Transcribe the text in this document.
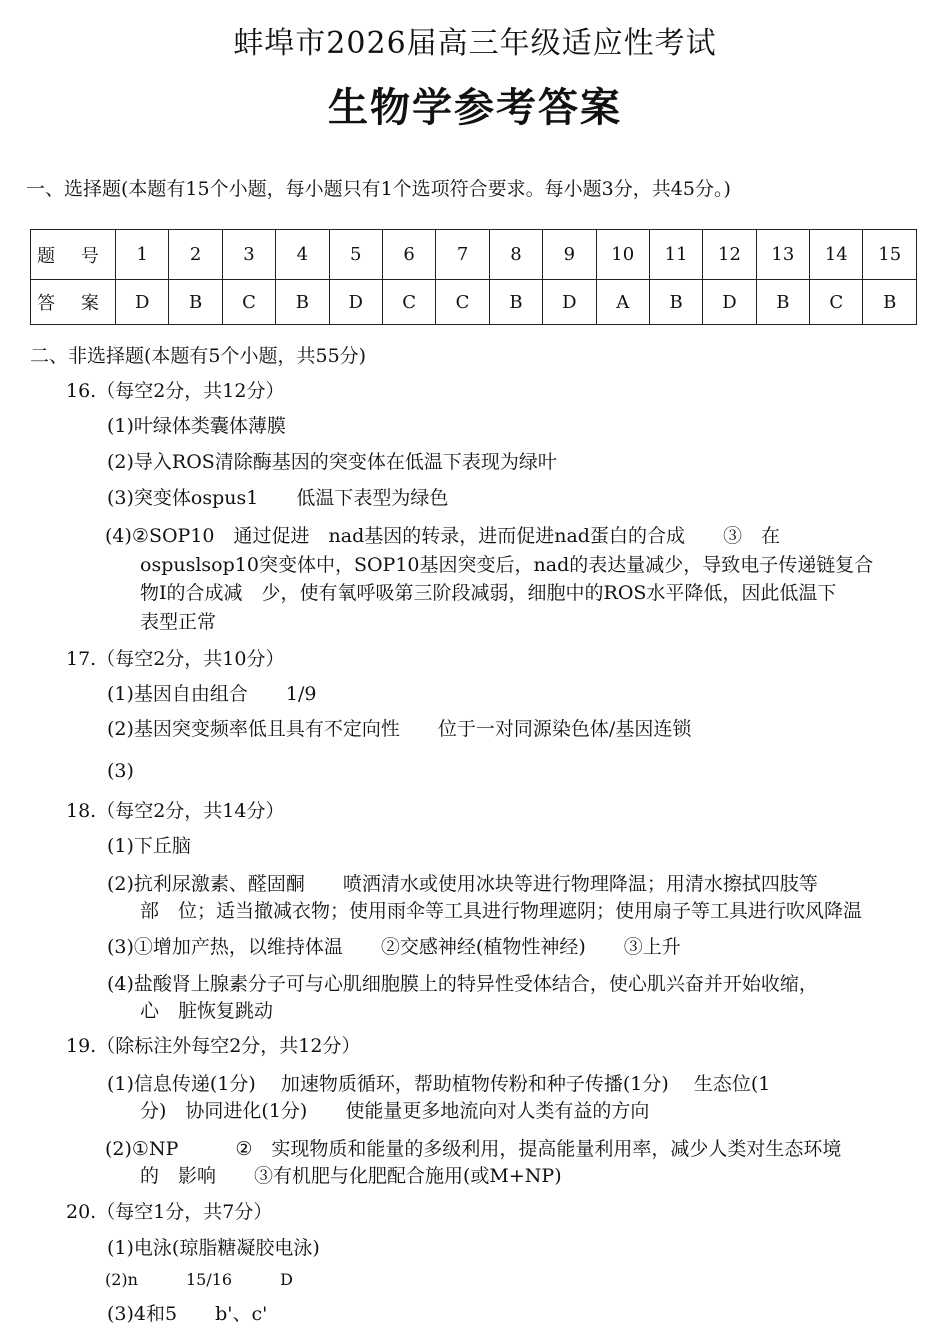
蚌埠市2026届高三年级适应性考试
生物学参考答案
一、选择题(本题有15个小题，每小题只有1个选项符合要求。每小题3分，共45分。)
题 号	1	2	3	4	5	6	7	8	9	10	11	12	13	14	15
答 案	D	B	C	B	D	C	C	B	D	A	B	D	B	C	B
二、非选择题(本题有5个小题，共55分)
16.（每空2分，共12分）
(1)叶绿体类囊体薄膜
(2)导入ROS清除酶基因的突变体在低温下表现为绿叶
(3)突变体ospus1　　低温下表型为绿色
(4)②SOP10　通过促进　nad基因的转录，进而促进nad蛋白的合成　　③　在
ospuslsop10突变体中，SOP10基因突变后，nad的表达量减少，导致电子传递链复合
物Ⅰ的合成减　少，使有氧呼吸第三阶段减弱，细胞中的ROS水平降低，因此低温下
表型正常
17.（每空2分，共10分）
(1)基因自由组合　　1/9
(2)基因突变频率低且具有不定向性　　位于一对同源染色体/基因连锁
(3)
18.（每空2分，共14分）
(1)下丘脑
(2)抗利尿激素、醛固酮　　喷洒清水或使用冰块等进行物理降温；用清水擦拭四肢等
部　位；适当撤减衣物；使用雨伞等工具进行物理遮阴；使用扇子等工具进行吹风降温
(3)①增加产热，以维持体温　　②交感神经(植物性神经)　　③上升
(4)盐酸肾上腺素分子可与心肌细胞膜上的特异性受体结合，使心肌兴奋并开始收缩，
心　脏恢复跳动
19.（除标注外每空2分，共12分）
(1)信息传递(1分)　 加速物质循环，帮助植物传粉和种子传播(1分)　 生态位(1
分)　协同进化(1分)　　使能量更多地流向对人类有益的方向
(2)①NP　　　②　实现物质和能量的多级利用，提高能量利用率，减少人类对生态环境
的　影响　　③有机肥与化肥配合施用(或M+NP)
20.（每空1分，共7分）
(1)电泳(琼脂糖凝胶电泳)
(2)n　　　15/16　　　D
(3)4和5　　b'、c'
